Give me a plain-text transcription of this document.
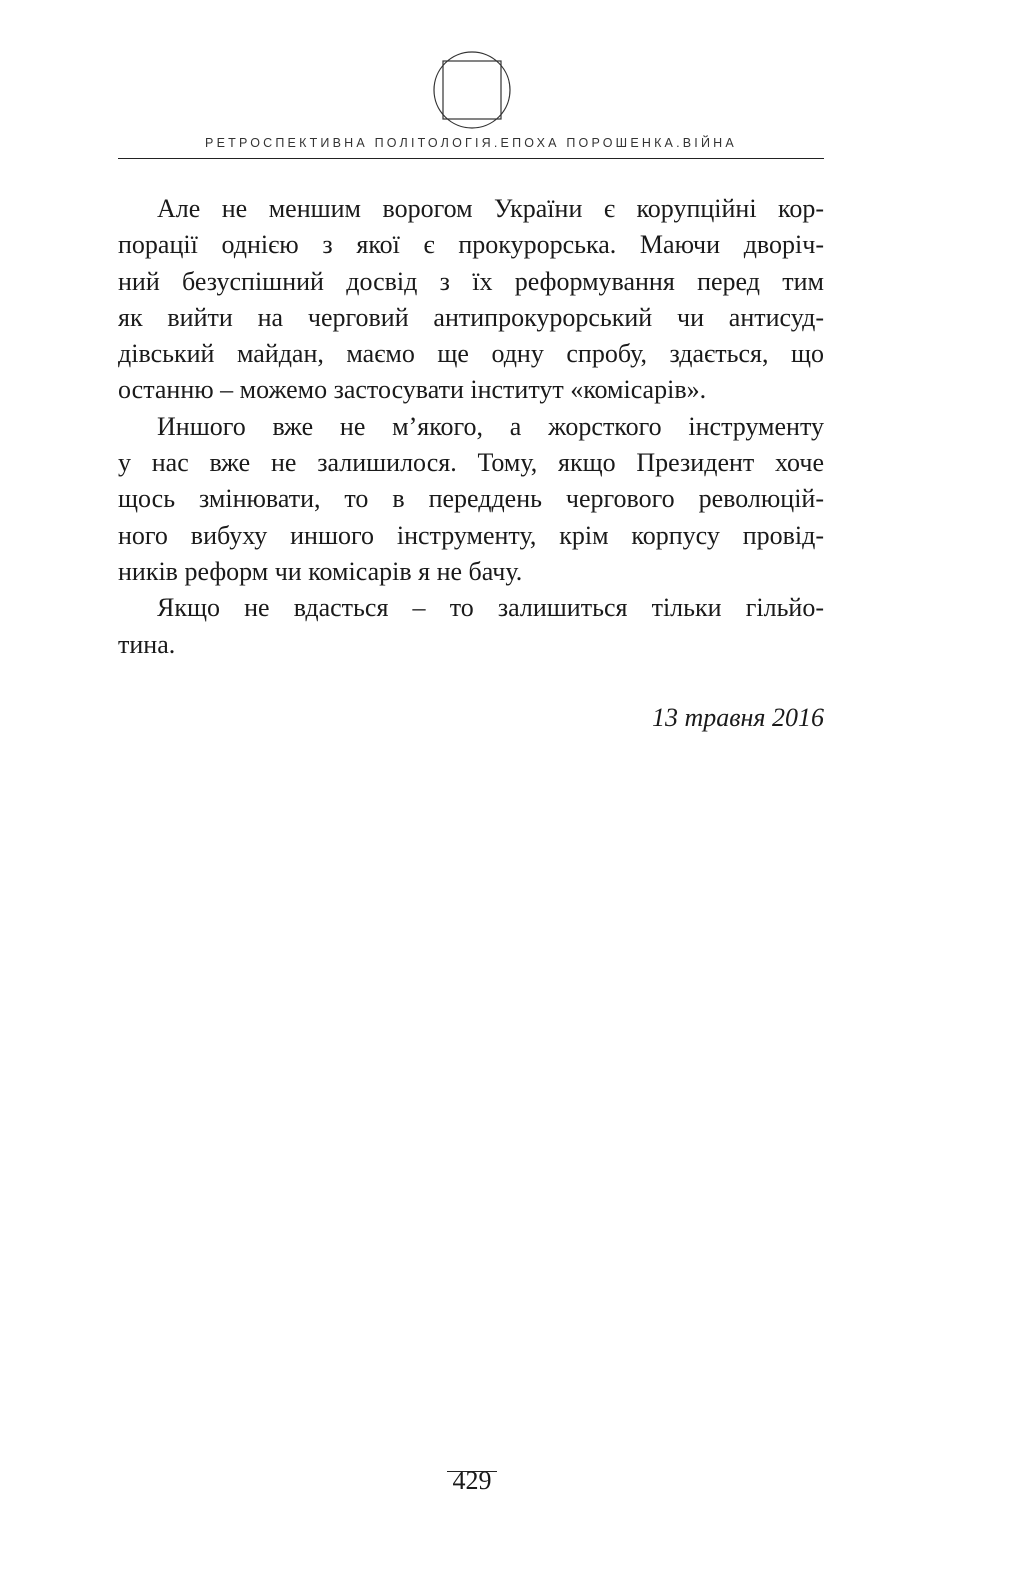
РЕТРОСПЕКТИВНА ПОЛІТОЛОГІЯ.ЕПОХА ПОРОШЕНКА.ВІЙНА
Але не меншим ворогом України є корупційні кор-
порації однією з якої є прокурорська. Маючи дворіч-
ний безуспішний досвід з їх реформування перед тим
як вийти на черговий антипрокурорський чи антисуд-
дівський майдан, маємо ще одну спробу, здається, що
останню – можемо застосувати інститут «комісарів».
Иншого вже не м’якого, а жорсткого інструменту
у нас вже не залишилося. Тому, якщо Президент хоче
щось змінювати, то в переддень чергового революцій-
ного вибуху иншого інструменту, крім корпусу провід-
ників реформ чи комісарів я не бачу.
Якщо не вдасться – то залишиться тільки гільйо-
тина.
13 травня 2016
429
